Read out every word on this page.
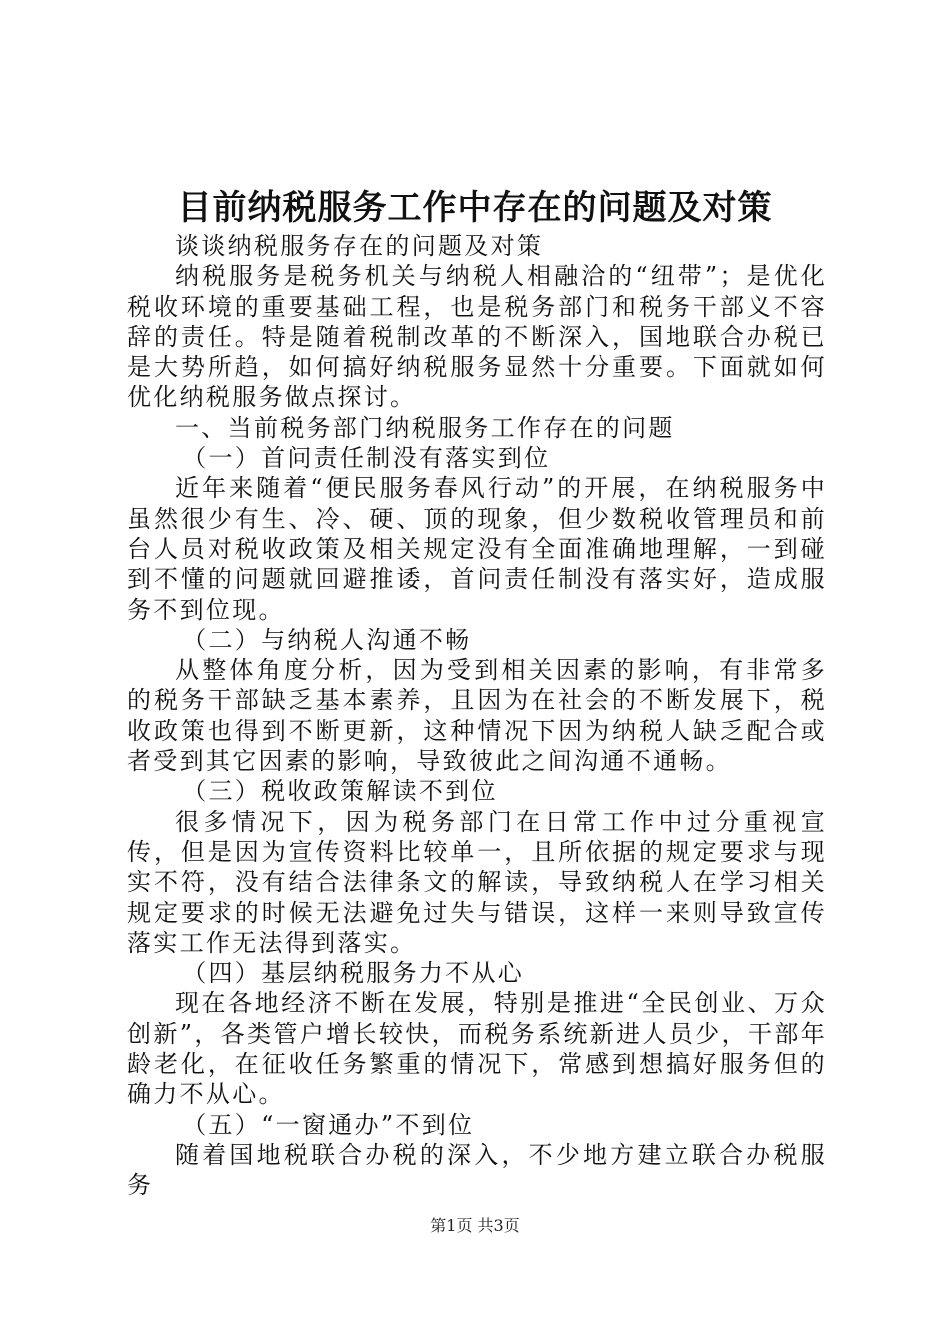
目前纳税服务工作中存在的问题及对策

谈谈纳税服务存在的问题及对策

纳税服务是税务机关与纳税人相融洽的“纽带”；是优化税收环境的重要基础工程，也是税务部门和税务干部义不容辞的责任。特是随着税制改革的不断深入，国地联合办税已是大势所趋，如何搞好纳税服务显然十分重要。下面就如何优化纳税服务做点探讨。

一、当前税务部门纳税服务工作存在的问题

（一）首问责任制没有落实到位

近年来随着“便民服务春风行动”的开展，在纳税服务中虽然很少有生、冷、硬、顶的现象，但少数税收管理员和前台人员对税收政策及相关规定没有全面准确地理解，一到碰到不懂的问题就回避推诿，首问责任制没有落实好，造成服务不到位现。

（二）与纳税人沟通不畅

从整体角度分析，因为受到相关因素的影响，有非常多的税务干部缺乏基本素养，且因为在社会的不断发展下，税收政策也得到不断更新，这种情况下因为纳税人缺乏配合或者受到其它因素的影响，导致彼此之间沟通不通畅。

（三）税收政策解读不到位

很多情况下，因为税务部门在日常工作中过分重视宣传，但是因为宣传资料比较单一，且所依据的规定要求与现实不符，没有结合法律条文的解读，导致纳税人在学习相关规定要求的时候无法避免过失与错误，这样一来则导致宣传落实工作无法得到落实。

（四）基层纳税服务力不从心

现在各地经济不断在发展，特别是推进“全民创业、万众创新”，各类管户增长较快，而税务系统新进人员少，干部年龄老化，在征收任务繁重的情况下，常感到想搞好服务但的确力不从心。

（五）“一窗通办”不到位

随着国地税联合办税的深入，不少地方建立联合办税服务

第1页 共3页
